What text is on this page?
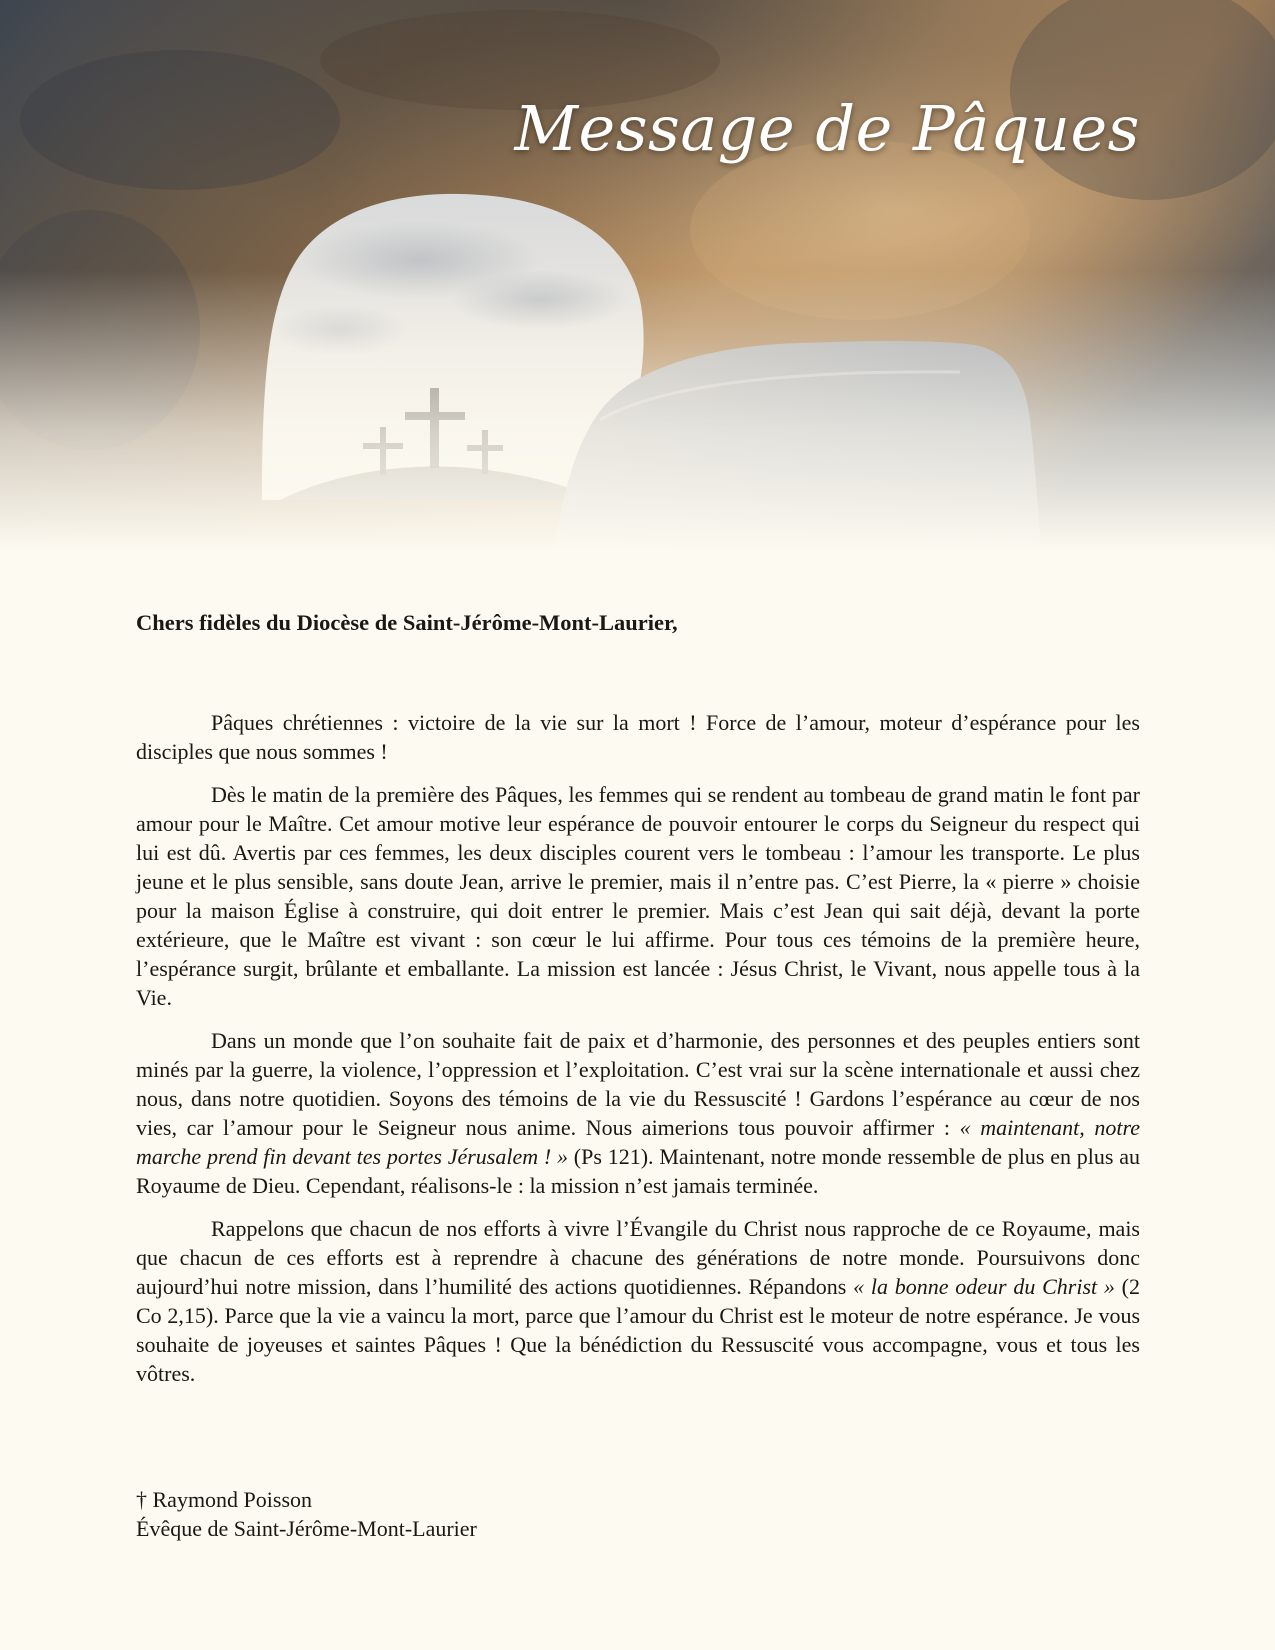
Message de Pâques

Chers fidèles du Diocèse de Saint-Jérôme-Mont-Laurier,

Pâques chrétiennes : victoire de la vie sur la mort ! Force de l’amour, moteur d’espérance pour les disciples que nous sommes !

Dès le matin de la première des Pâques, les femmes qui se rendent au tombeau de grand matin le font par amour pour le Maître. Cet amour motive leur espérance de pouvoir entourer le corps du Seigneur du respect qui lui est dû. Avertis par ces femmes, les deux disciples courent vers le tombeau : l’amour les transporte. Le plus jeune et le plus sensible, sans doute Jean, arrive le premier, mais il n’entre pas. C’est Pierre, la « pierre » choisie pour la maison Église à construire, qui doit entrer le premier. Mais c’est Jean qui sait déjà, devant la porte extérieure, que le Maître est vivant : son cœur le lui affirme. Pour tous ces témoins de la première heure, l’espérance surgit, brûlante et emballante. La mission est lancée : Jésus Christ, le Vivant, nous appelle tous à la Vie.

Dans un monde que l’on souhaite fait de paix et d’harmonie, des personnes et des peuples entiers sont minés par la guerre, la violence, l’oppression et l’exploitation. C’est vrai sur la scène internationale et aussi chez nous, dans notre quotidien. Soyons des témoins de la vie du Ressuscité ! Gardons l’espérance au cœur de nos vies, car l’amour pour le Seigneur nous anime. Nous aimerions tous pouvoir affirmer : « maintenant, notre marche prend fin devant tes portes Jérusalem ! » (Ps 121). Maintenant, notre monde ressemble de plus en plus au Royaume de Dieu. Cependant, réalisons-le : la mission n’est jamais terminée.

Rappelons que chacun de nos efforts à vivre l’Évangile du Christ nous rapproche de ce Royaume, mais que chacun de ces efforts est à reprendre à chacune des générations de notre monde. Poursuivons donc aujourd’hui notre mission, dans l’humilité des actions quotidiennes. Répandons « la bonne odeur du Christ » (2 Co 2,15). Parce que la vie a vaincu la mort, parce que l’amour du Christ est le moteur de notre espérance. Je vous souhaite de joyeuses et saintes Pâques ! Que la bénédiction du Ressuscité vous accompagne, vous et tous les vôtres.

† Raymond Poisson
Évêque de Saint-Jérôme-Mont-Laurier
